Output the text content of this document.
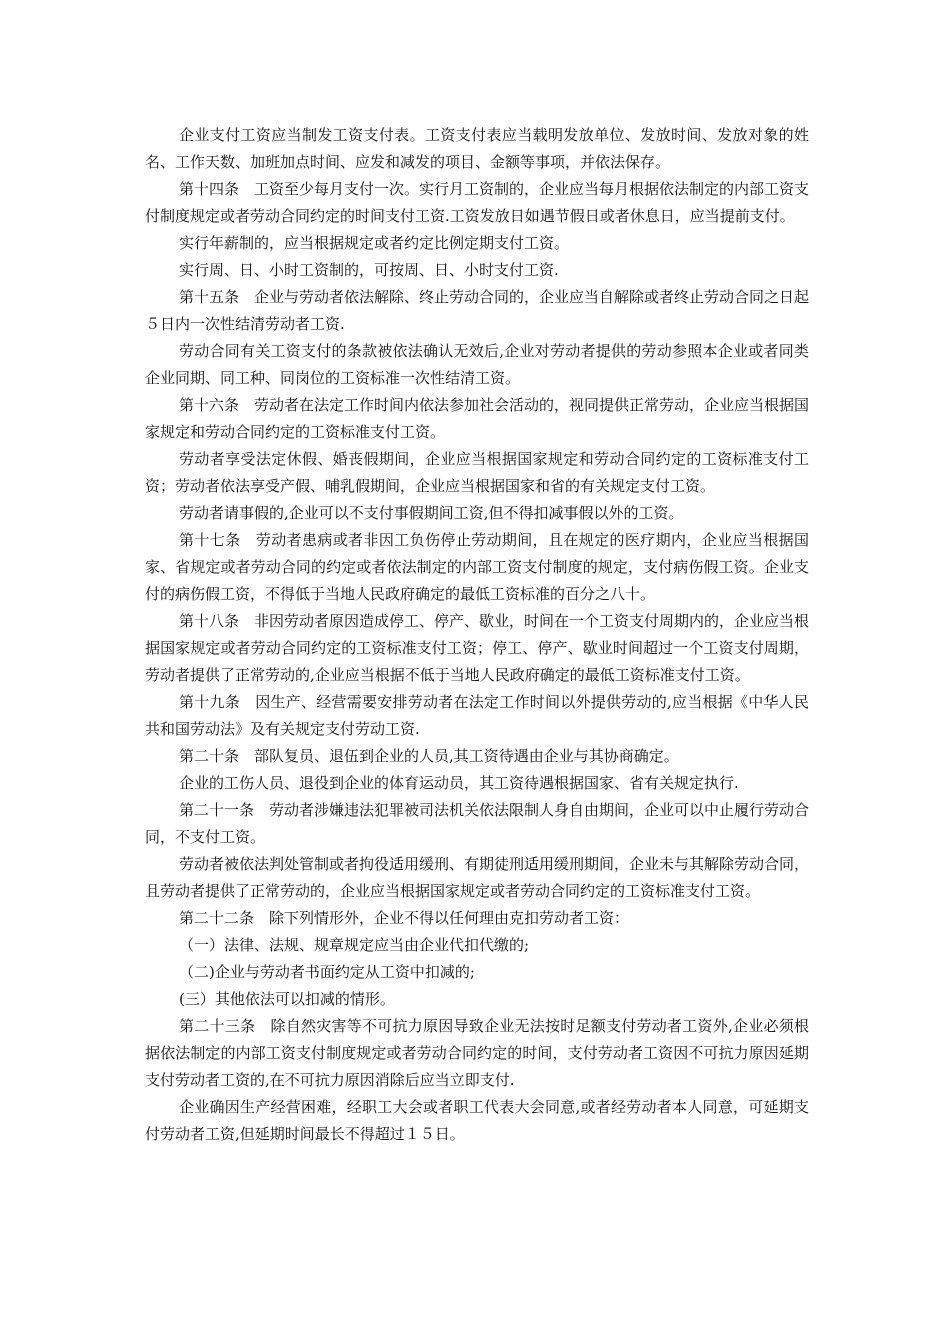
企业支付工资应当制发工资支付表。工资支付表应当载明发放单位、发放时间、发放对象的姓名、工作天数、加班加点时间、应发和减发的项目、金额等事项，并依法保存。

第十四条　工资至少每月支付一次。实行月工资制的，企业应当每月根据依法制定的内部工资支付制度规定或者劳动合同约定的时间支付工资.工资发放日如遇节假日或者休息日，应当提前支付。

实行年薪制的，应当根据规定或者约定比例定期支付工资。

实行周、日、小时工资制的，可按周、日、小时支付工资.

第十五条　企业与劳动者依法解除、终止劳动合同的，企业应当自解除或者终止劳动合同之日起５日内一次性结清劳动者工资.

劳动合同有关工资支付的条款被依法确认无效后,企业对劳动者提供的劳动参照本企业或者同类企业同期、同工种、同岗位的工资标准一次性结清工资。

第十六条　劳动者在法定工作时间内依法参加社会活动的，视同提供正常劳动，企业应当根据国家规定和劳动合同约定的工资标准支付工资。

劳动者享受法定休假、婚丧假期间，企业应当根据国家规定和劳动合同约定的工资标准支付工资；劳动者依法享受产假、哺乳假期间，企业应当根据国家和省的有关规定支付工资。

劳动者请事假的,企业可以不支付事假期间工资,但不得扣减事假以外的工资。

第十七条　劳动者患病或者非因工负伤停止劳动期间，且在规定的医疗期内，企业应当根据国家、省规定或者劳动合同的约定或者依法制定的内部工资支付制度的规定，支付病伤假工资。企业支付的病伤假工资，不得低于当地人民政府确定的最低工资标准的百分之八十。

第十八条　非因劳动者原因造成停工、停产、歇业，时间在一个工资支付周期内的，企业应当根据国家规定或者劳动合同约定的工资标准支付工资；停工、停产、歇业时间超过一个工资支付周期，劳动者提供了正常劳动的,企业应当根据不低于当地人民政府确定的最低工资标准支付工资。

第十九条　因生产、经营需要安排劳动者在法定工作时间以外提供劳动的,应当根据《中华人民共和国劳动法》及有关规定支付劳动工资.

第二十条　部队复员、退伍到企业的人员,其工资待遇由企业与其协商确定。

企业的工伤人员、退役到企业的体育运动员，其工资待遇根据国家、省有关规定执行.

第二十一条　劳动者涉嫌违法犯罪被司法机关依法限制人身自由期间，企业可以中止履行劳动合同，不支付工资。

劳动者被依法判处管制或者拘役适用缓刑、有期徒刑适用缓刑期间，企业未与其解除劳动合同，且劳动者提供了正常劳动的，企业应当根据国家规定或者劳动合同约定的工资标准支付工资。

第二十二条　除下列情形外，企业不得以任何理由克扣劳动者工资：

（一）法律、法规、规章规定应当由企业代扣代缴的;

（二)企业与劳动者书面约定从工资中扣减的;

(三）其他依法可以扣减的情形。

第二十三条　除自然灾害等不可抗力原因导致企业无法按时足额支付劳动者工资外,企业必须根据依法制定的内部工资支付制度规定或者劳动合同约定的时间，支付劳动者工资因不可抗力原因延期支付劳动者工资的,在不可抗力原因消除后应当立即支付.

企业确因生产经营困难，经职工大会或者职工代表大会同意,或者经劳动者本人同意，可延期支付劳动者工资,但延期时间最长不得超过１５日。
